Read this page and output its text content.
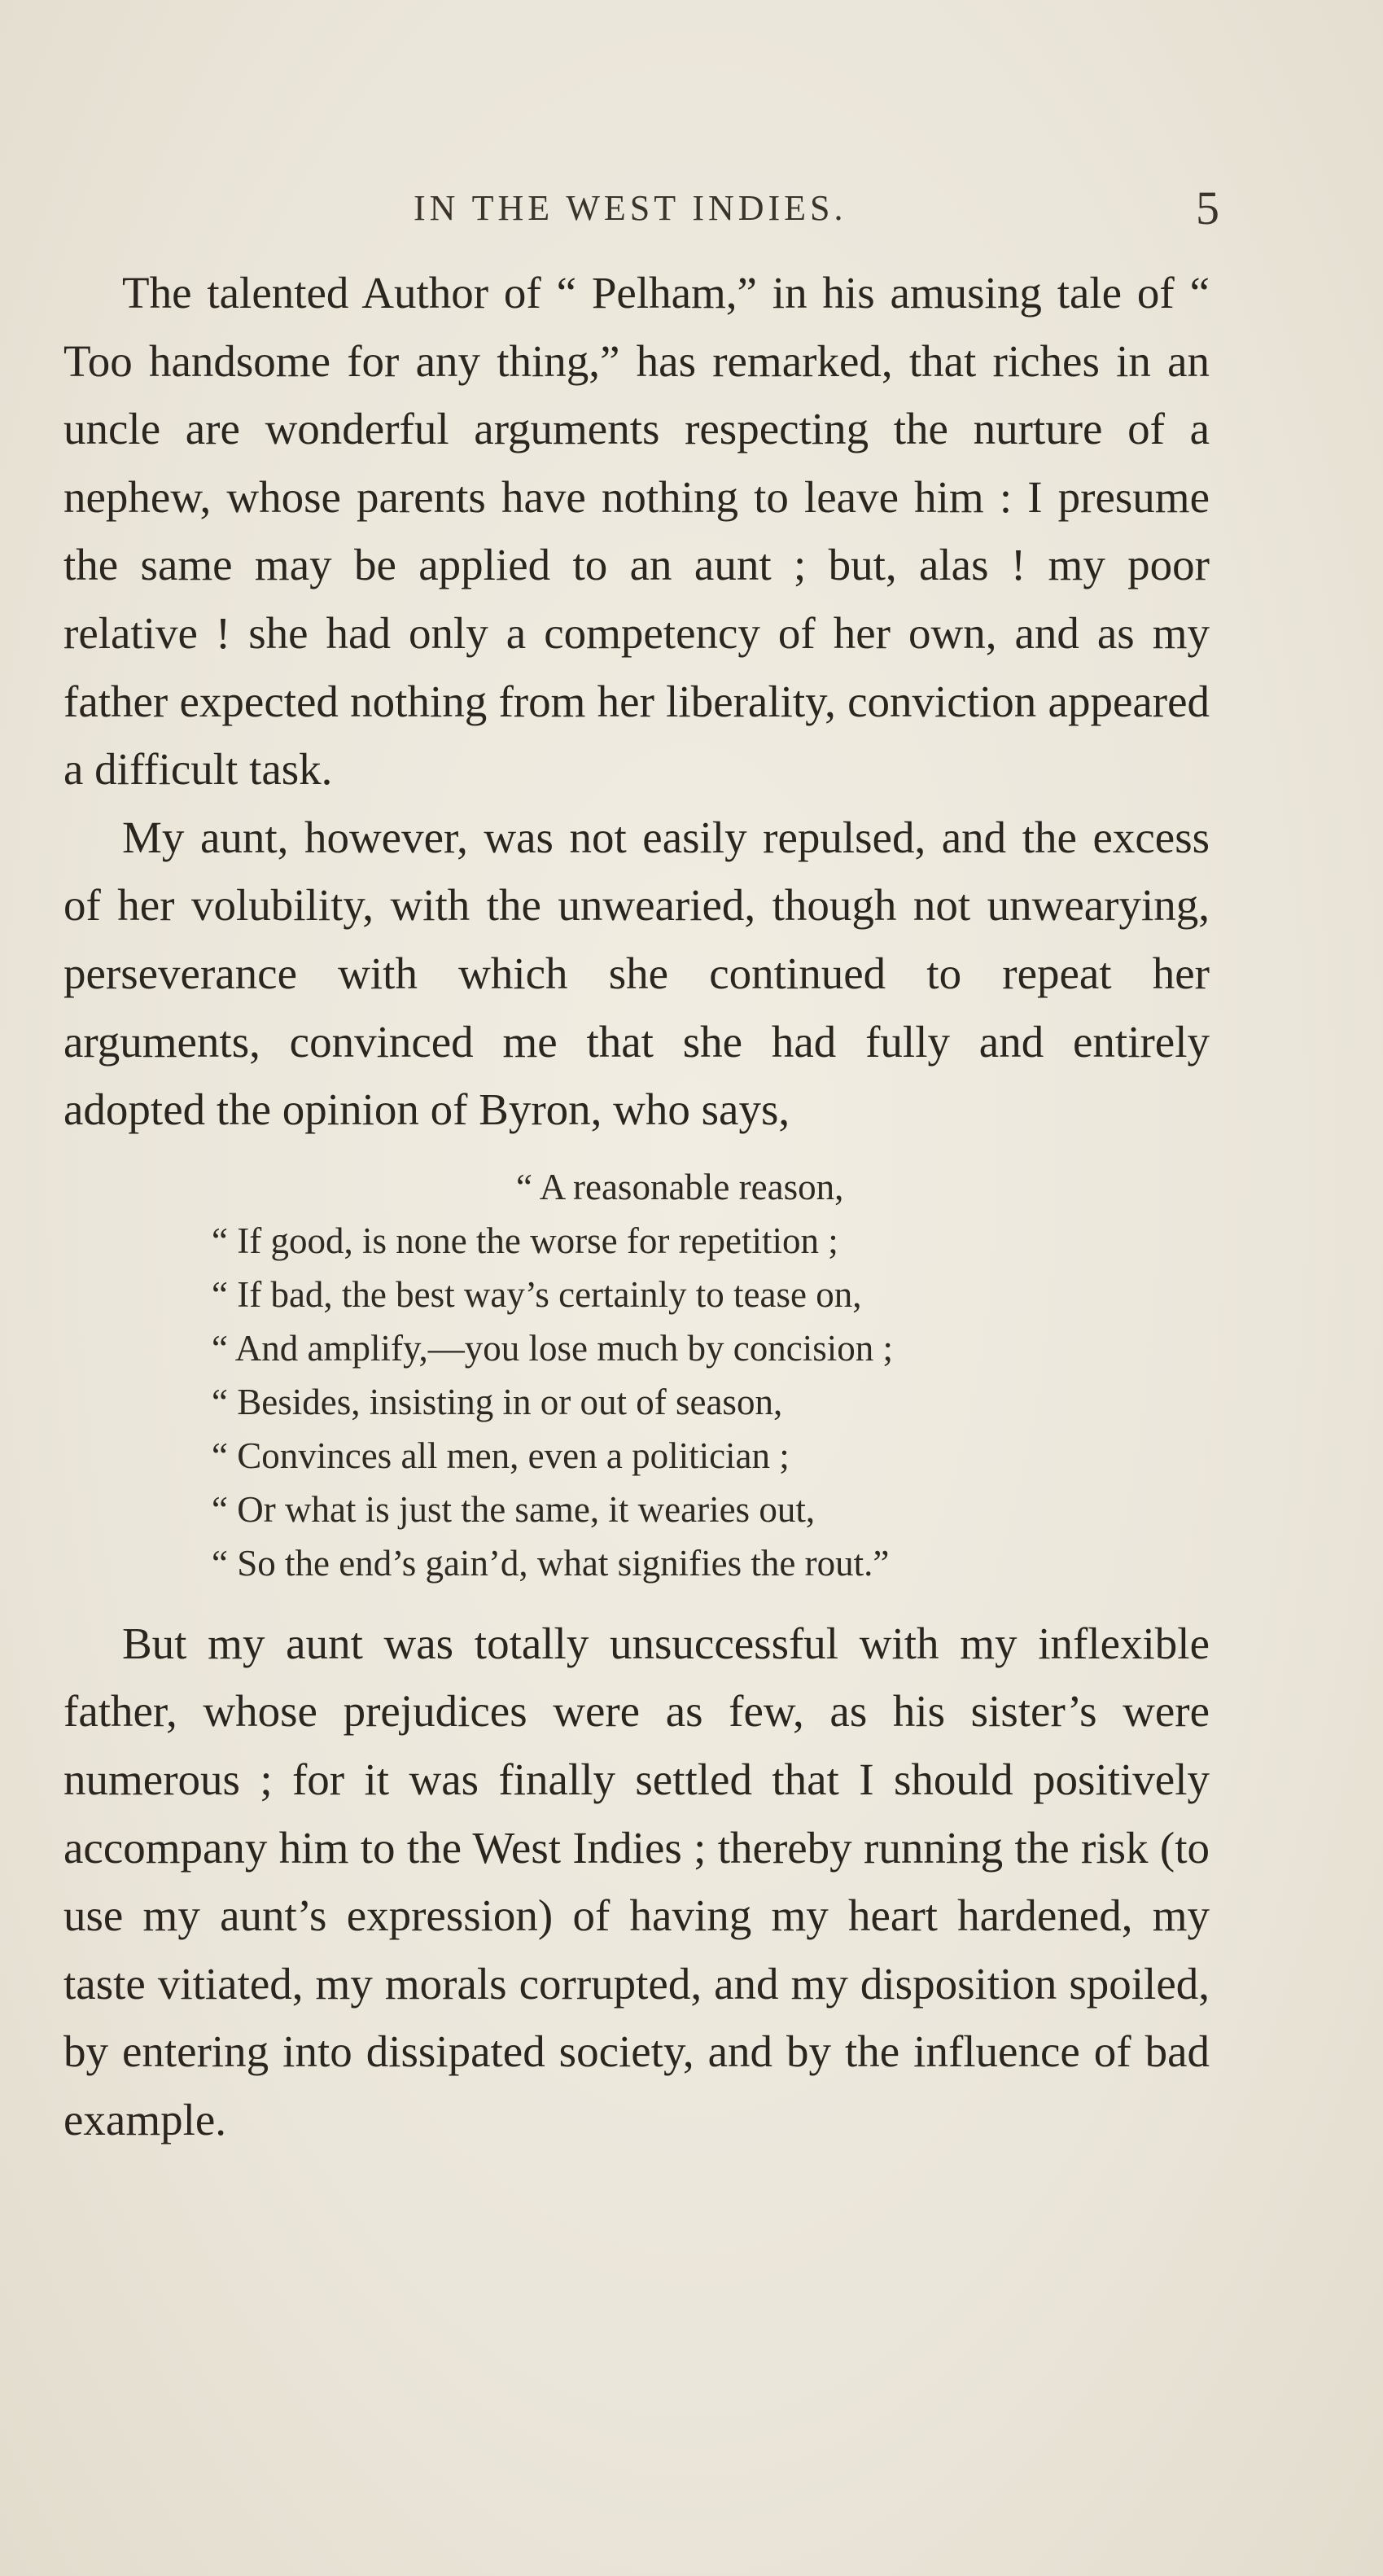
IN THE WEST INDIES.	5

The talented Author of “ Pelham,” in his amusing tale of “ Too handsome for any thing,” has remarked, that riches in an uncle are wonderful arguments respecting the nurture of a nephew, whose parents have nothing to leave him : I presume the same may be applied to an aunt ; but, alas ! my poor relative ! she had only a competency of her own, and as my father expected nothing from her liberality, conviction appeared a difficult task.

My aunt, however, was not easily repulsed, and the excess of her volubility, with the unwearied, though not unwearying, perseverance with which she continued to repeat her arguments, convinced me that she had fully and entirely adopted the opinion of Byron, who says,

“ A reasonable reason,
“ If good, is none the worse for repetition ;
“ If bad, the best way’s certainly to tease on,
“ And amplify,—you lose much by concision ;
“ Besides, insisting in or out of season,
“ Convinces all men, even a politician ;
“ Or what is just the same, it wearies out,
“ So the end’s gain’d, what signifies the rout.”

But my aunt was totally unsuccessful with my inflexible father, whose prejudices were as few, as his sister’s were numerous ; for it was finally settled that I should positively accompany him to the West Indies ; thereby running the risk (to use my aunt’s expression) of having my heart hardened, my taste vitiated, my morals corrupted, and my disposition spoiled, by entering into dissipated society, and by the influence of bad example.
